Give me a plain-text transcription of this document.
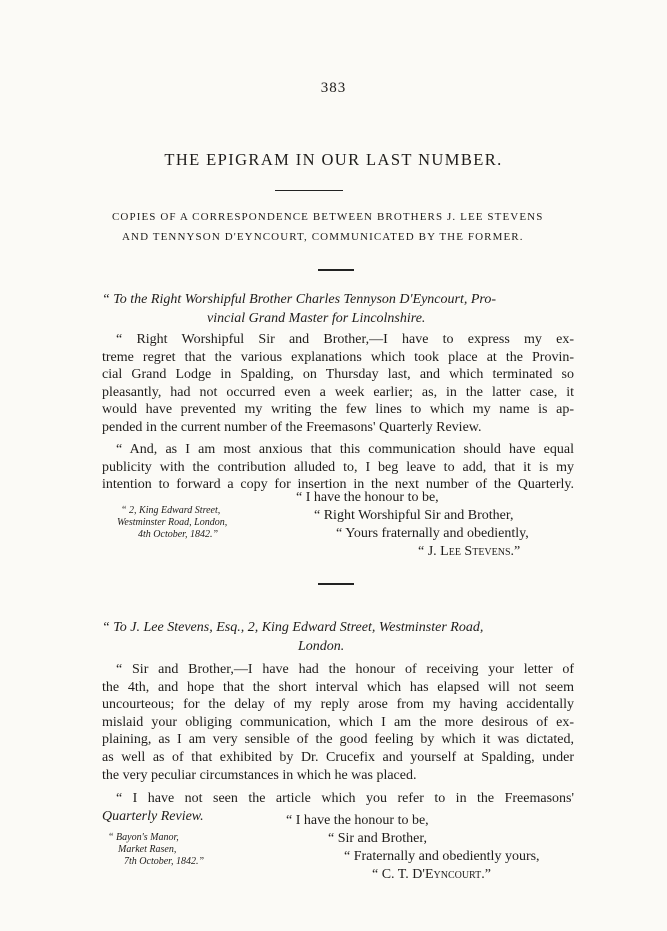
383
THE EPIGRAM IN OUR LAST NUMBER.
COPIES OF A CORRESPONDENCE BETWEEN BROTHERS J. LEE STEVENS
AND TENNYSON D'EYNCOURT, COMMUNICATED BY THE FORMER.
“ To the Right Worshipful Brother Charles Tennyson D'Eyncourt, Pro-
vincial Grand Master for Lincolnshire.
“ Right Worshipful Sir and Brother,—I have to express my ex-
treme regret that the various explanations which took place at the Provin-
cial Grand Lodge in Spalding, on Thursday last, and which terminated so
pleasantly, had not occurred even a week earlier; as, in the latter case, it
would have prevented my writing the few lines to which my name is ap-
pended in the current number of the Freemasons' Quarterly Review.
“ And, as I am most anxious that this communication should have equal
publicity with the contribution alluded to, I beg leave to add, that it is my
intention to forward a copy for insertion in the next number of the Quarterly.
“ 2, King Edward Street,
Westminster Road, London,
4th October, 1842.”
“ I have the honour to be,
“ Right Worshipful Sir and Brother,
“ Yours fraternally and obediently,
“ J. Lee Stevens.”
“ To J. Lee Stevens, Esq., 2, King Edward Street, Westminster Road,
London.
“ Sir and Brother,—I have had the honour of receiving your letter of
the 4th, and hope that the short interval which has elapsed will not seem
uncourteous; for the delay of my reply arose from my having accidentally
mislaid your obliging communication, which I am the more desirous of ex-
plaining, as I am very sensible of the good feeling by which it was dictated,
as well as of that exhibited by Dr. Crucefix and yourself at Spalding, under
the very peculiar circumstances in which he was placed.
“ I have not seen the article which you refer to in the Freemasons'
Quarterly Review.
“ Bayon's Manor,
Market Rasen,
7th October, 1842.”
“ I have the honour to be,
“ Sir and Brother,
“ Fraternally and obediently yours,
“ C. T. D'Eyncourt.”
